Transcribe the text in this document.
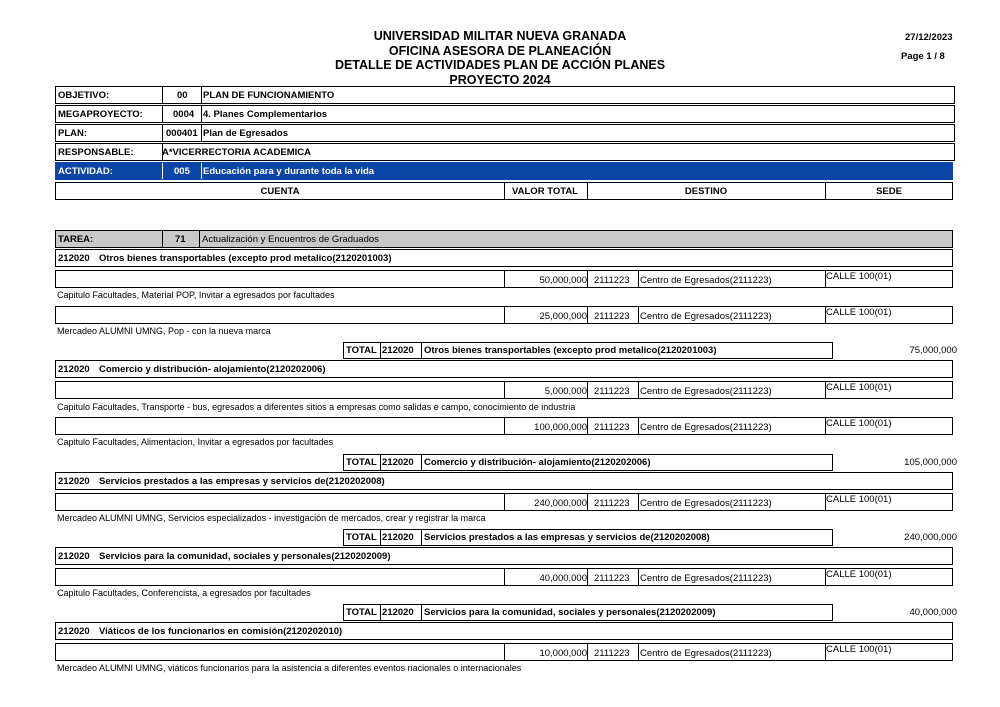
UNIVERSIDAD MILITAR NUEVA GRANADA
OFICINA ASESORA DE PLANEACIÓN
DETALLE DE ACTIVIDADES PLAN DE ACCIÓN PLANES
PROYECTO 2024
27/12/2023
Page 1 / 8
OBJETIVO:	00 PLAN DE FUNCIONAMIENTO
MEGAPROYECTO:	0004 4. Planes Complementarios
PLAN:	000401 Plan de Egresados
RESPONSABLE:	A*VICERRECTORIA ACADEMICA
ACTIVIDAD:	005 Educación para y durante toda la vida
CUENTA	VALOR TOTAL	DESTINO	SEDE
TAREA:	71 Actualización y Encuentros de Graduados
212020 Otros bienes transportables (excepto prod metalico(2120201003)
50,000,000 2111223 Centro de Egresados(2111223)	CALLE 100(01)
Capitulo Facultades, Material POP, Invitar a egresados por facultades
25,000,000 2111223 Centro de Egresados(2111223)	CALLE 100(01)
Mercadeo ALUMNI UMNG, Pop - con la nueva marca
TOTAL 212020 Otros bienes transportables (excepto prod metalico(2120201003)	75,000,000
212020 Comercio y distribución- alojamiento(2120202006)
5,000,000 2111223 Centro de Egresados(2111223)	CALLE 100(01)
Capitulo Facultades, Transporte - bus, egresados a diferentes sitios a empresas como salidas e campo, conocimiento de industria
100,000,000 2111223 Centro de Egresados(2111223)	CALLE 100(01)
Capitulo Facultades, Alimentacion, Invitar a egresados por facultades
TOTAL 212020 Comercio y distribución- alojamiento(2120202006)	105,000,000
212020 Servicios prestados a las empresas y servicios de(2120202008)
240,000,000 2111223 Centro de Egresados(2111223)	CALLE 100(01)
Mercadeo ALUMNI UMNG, Servicios especializados - investigación de mercados, crear y registrar la marca
TOTAL 212020 Servicios prestados a las empresas y servicios de(2120202008)	240,000,000
212020 Servicios para la comunidad, sociales y personales(2120202009)
40,000,000 2111223 Centro de Egresados(2111223)	CALLE 100(01)
Capitulo Facultades, Conferencista, a egresados por facultades
TOTAL 212020 Servicios para la comunidad, sociales y personales(2120202009)	40,000,000
212020 Viáticos de los funcionarios en comisión(2120202010)
10,000,000 2111223 Centro de Egresados(2111223)	CALLE 100(01)
Mercadeo ALUMNI UMNG, viáticos funcionarios para la asistencia a diferentes eventos nacionales o internacionales
